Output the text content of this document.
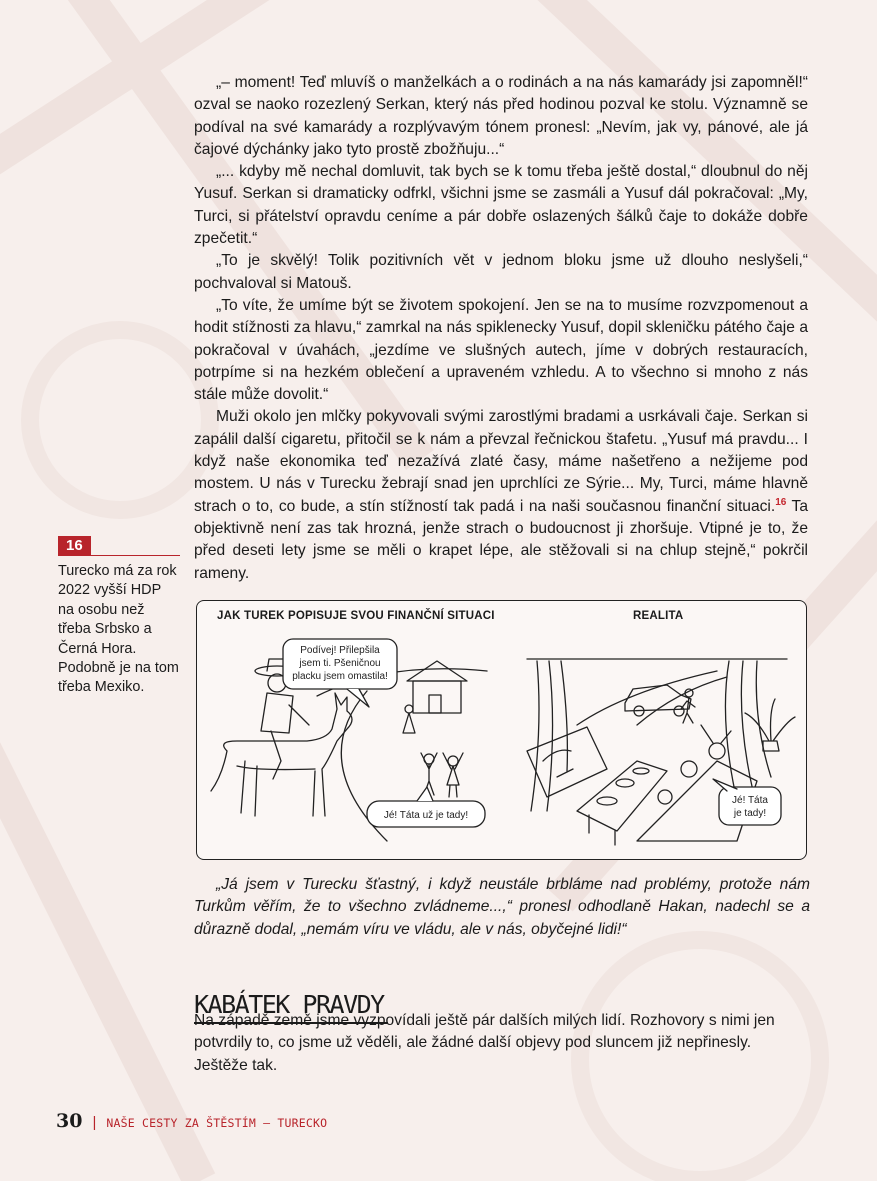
„– moment! Teď mluvíš o manželkách a o rodinách a na nás kamarády jsi zapomněl!“ ozval se naoko rozezlený Serkan, který nás před hodinou pozval ke stolu. Významně se podíval na své kamarády a rozplývavým tónem pronesl: „Nevím, jak vy, pánové, ale já čajové dýchánky jako tyto prostě zbožňuju...“

„... kdyby mě nechal domluvit, tak bych se k tomu třeba ještě dostal,“ dloubnul do něj Yusuf. Serkan si dramaticky odfrkl, všichni jsme se zasmáli a Yusuf dál pokračoval: „My, Turci, si přátelství opravdu ceníme a pár dobře oslazených šálků čaje to dokáže dobře zpečetit.“

„To je skvělý! Tolik pozitivních vět v jednom bloku jsme už dlouho neslyšeli,“ pochvaloval si Matouš.

„To víte, že umíme být se životem spokojení. Jen se na to musíme rozvzpomenout a hodit stížnosti za hlavu,“ zamrkal na nás spiklenecky Yusuf, dopil skleničku pátého čaje a pokračoval v úvahách, „jezdíme ve slušných autech, jíme v dobrých restauracích, potrpíme si na hezkém oblečení a upraveném vzhledu. A to všechno si mnoho z nás stále může dovolit.“

Muži okolo jen mlčky pokyvovali svými zarostlými bradami a usrkávali čaje. Serkan si zapálil další cigaretu, přitočil se k nám a převzal řečnickou štafetu. „Yusuf má pravdu... I když naše ekonomika teď nezažívá zlaté časy, máme našetřeno a nežijeme pod mostem. U nás v Turecku žebrají snad jen uprchlíci ze Sýrie... My, Turci, máme hlavně strach o to, co bude, a stín stížností tak padá i na naši současnou finanční situaci.$^{16}$ Ta objektivně není zas tak hrozná, jenže strach o budoucnost ji zhoršuje. Vtipné je to, že před deseti lety jsme se měli o krapet lépe, ale stěžovali si na chlup stejně,“ pokrčil rameny.

16
Turecko má za rok 2022 vyšší HDP na osobu než třeba Srbsko a Černá Hora. Podobně je na tom třeba Mexiko.
JAK TUREK POPISUJE SVOU FINANČNÍ SITUACI	REALITA
Podívej! Přilepšila
jsem ti. Pšeničnou
placku jsem omastila!
Jé! Táta už je tady!
Jé! Táta
je tady!

„Já jsem v Turecku šťastný, i když neustále brbláme nad problémy, protože nám Turkům věřím, že to všechno zvládneme...,“ pronesl odhodlaně Hakan, nadechl se a důrazně dodal, „nemám víru ve vládu, ale v nás, obyčejné lidi!“

KABÁTEK PRAVDY

Na západě země jsme vyzpovídali ještě pár dalších milých lidí. Rozhovory s nimi jen potvrdily to, co jsme už věděli, ale žádné další objevy pod sluncem již nepřinesly. Ještěže tak.

30 | NAŠE CESTY ZA ŠTĚSTÍM – TURECKO
